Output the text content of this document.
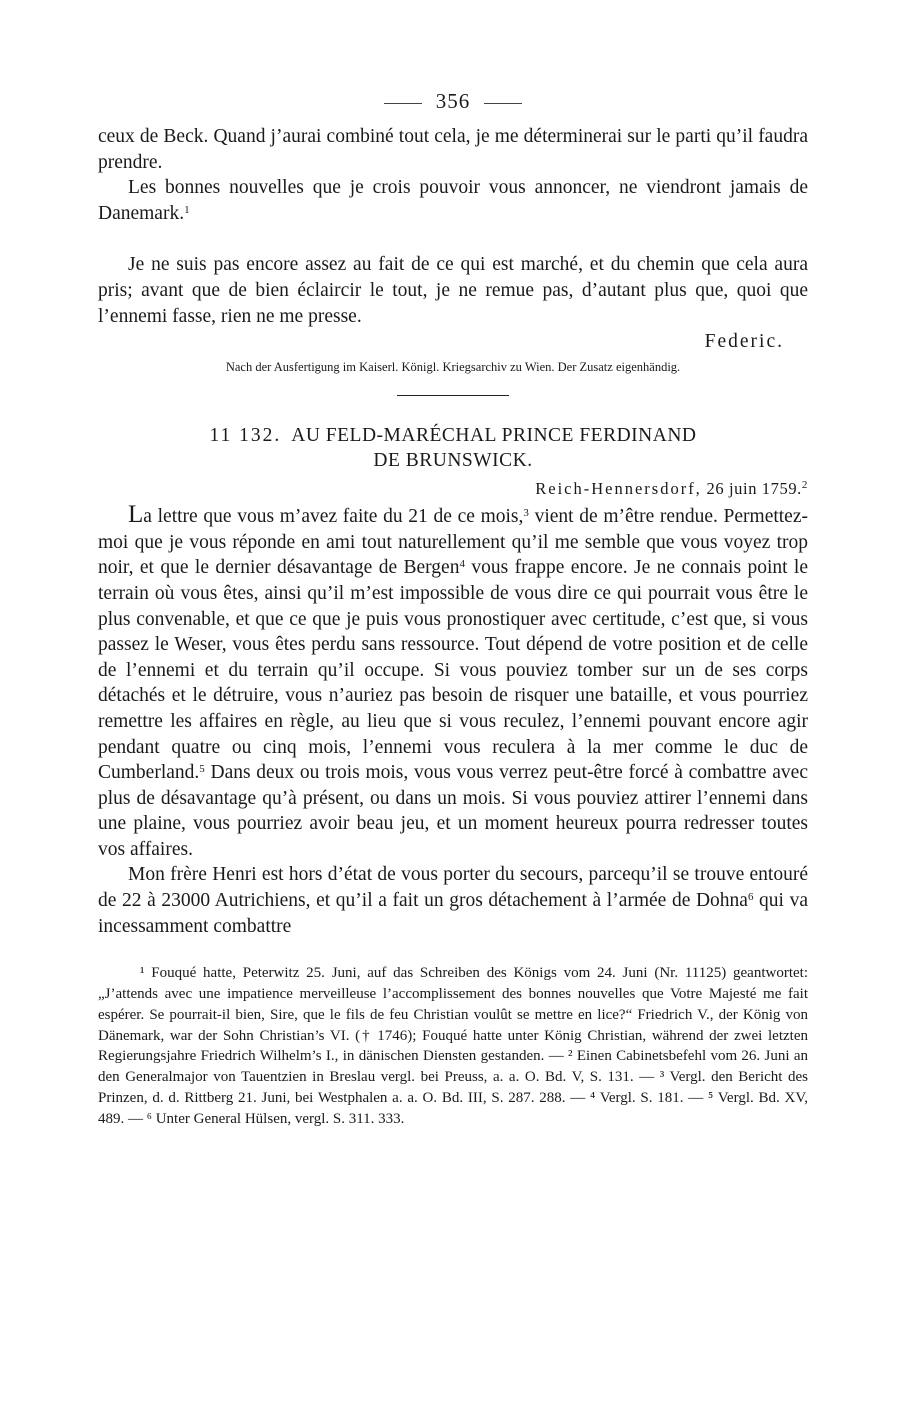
356

ceux de Beck. Quand j’aurai combiné tout cela, je me déterminerai sur le parti qu’il faudra prendre.

Les bonnes nouvelles que je crois pouvoir vous annoncer, ne viendront jamais de Danemark.$^1$

Je ne suis pas encore assez au fait de ce qui est marché, et du chemin que cela aura pris; avant que de bien éclaircir le tout, je ne remue pas, d’autant plus que, quoi que l’ennemi fasse, rien ne me presse.

Federic.
Nach der Ausfertigung im Kaiserl. Königl. Kriegsarchiv zu Wien. Der Zusatz eigenhändig.
11 132. AU FELD-MARÉCHAL PRINCE FERDINAND
DE BRUNSWICK.
Reich-Hennersdorf, 26 juin 1759.$^2$

La lettre que vous m’avez faite du 21 de ce mois,$^3$ vient de m’être rendue. Permettez-moi que je vous réponde en ami tout naturellement qu’il me semble que vous voyez trop noir, et que le dernier désavantage de Bergen$^4$ vous frappe encore. Je ne connais point le terrain où vous êtes, ainsi qu’il m’est impossible de vous dire ce qui pourrait vous être le plus convenable, et que ce que je puis vous pronostiquer avec certitude, c’est que, si vous passez le Weser, vous êtes perdu sans ressource. Tout dépend de votre position et de celle de l’ennemi et du terrain qu’il occupe. Si vous pouviez tomber sur un de ses corps détachés et le détruire, vous n’auriez pas besoin de risquer une bataille, et vous pourriez remettre les affaires en règle, au lieu que si vous reculez, l’ennemi pouvant encore agir pendant quatre ou cinq mois, l’ennemi vous reculera à la mer comme le duc de Cumberland.$^5$ Dans deux ou trois mois, vous vous verrez peut-être forcé à combattre avec plus de désavantage qu’à présent, ou dans un mois. Si vous pouviez attirer l’ennemi dans une plaine, vous pourriez avoir beau jeu, et un moment heureux pourra redresser toutes vos affaires.

Mon frère Henri est hors d’état de vous porter du secours, parcequ’il se trouve entouré de 22 à 23000 Autrichiens, et qu’il a fait un gros détachement à l’armée de Dohna$^6$ qui va incessamment combattre

¹ Fouqué hatte, Peterwitz 25. Juni, auf das Schreiben des Königs vom 24. Juni (Nr. 11125) geantwortet: „J’attends avec une impatience merveilleuse l’accomplissement des bonnes nouvelles que Votre Majesté me fait espérer. Se pourrait-il bien, Sire, que le fils de feu Christian voulût se mettre en lice?“ Friedrich V., der König von Dänemark, war der Sohn Christian’s VI. († 1746); Fouqué hatte unter König Christian, während der zwei letzten Regierungsjahre Friedrich Wilhelm’s I., in dänischen Diensten gestanden. — ² Einen Cabinetsbefehl vom 26. Juni an den Generalmajor von Tauentzien in Breslau vergl. bei Preuss, a. a. O. Bd. V, S. 131. — ³ Vergl. den Bericht des Prinzen, d. d. Rittberg 21. Juni, bei Westphalen a. a. O. Bd. III, S. 287. 288. — ⁴ Vergl. S. 181. — ⁵ Vergl. Bd. XV, 489. — ⁶ Unter General Hülsen, vergl. S. 311. 333.
